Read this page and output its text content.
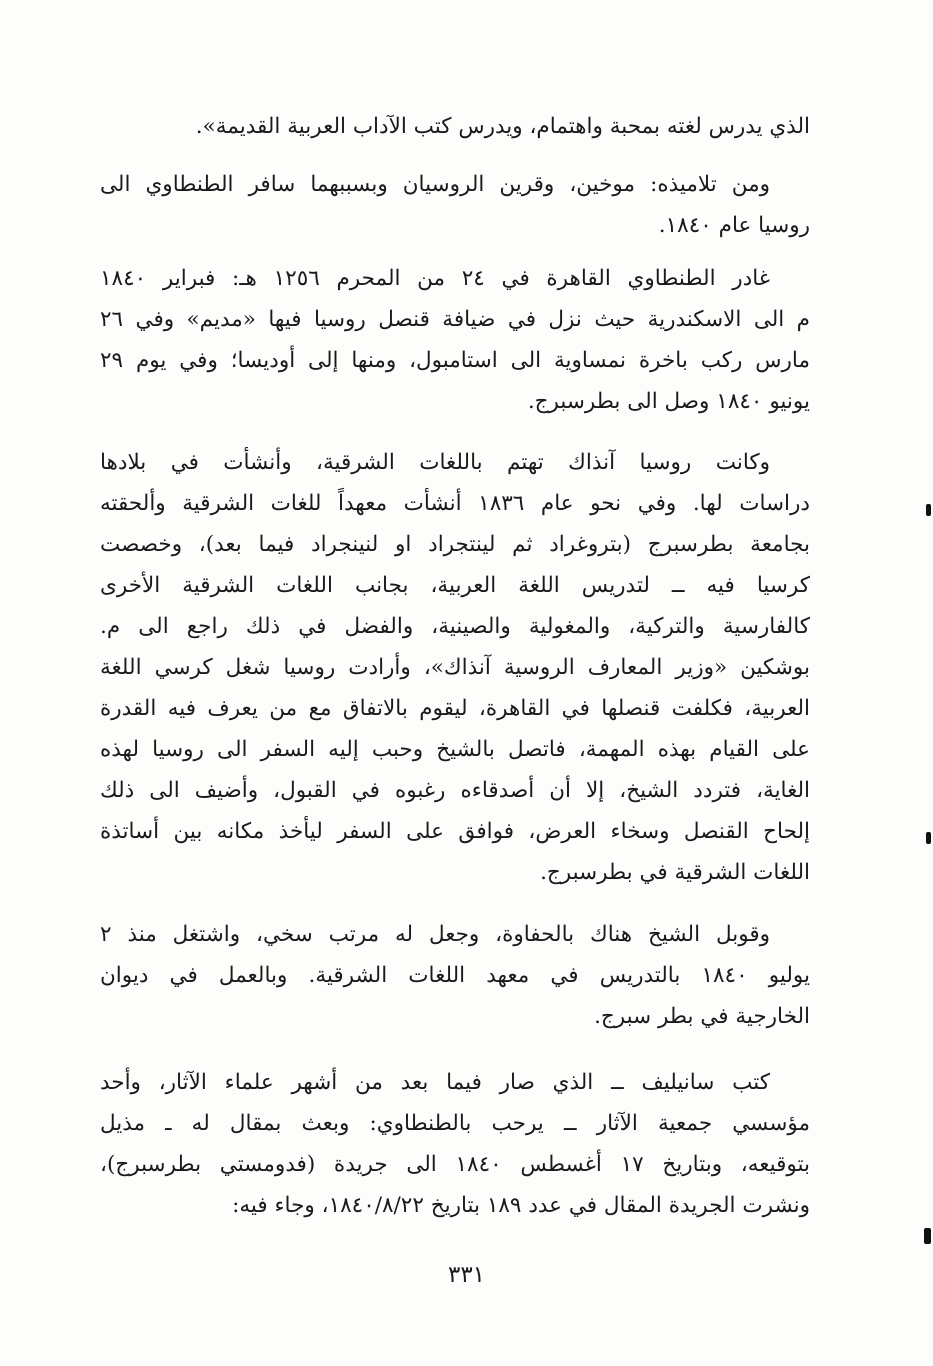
الذي يدرس لغته بمحبة واهتمام، ويدرس كتب الآداب العربية القديمة».
ومن تلاميذه: موخين، وقرين الروسيان وبسببهما سافر الطنطاوي الى
روسيا عام ١٨٤٠.
غادر الطنطاوي القاهرة في ٢٤ من المحرم ١٢٥٦ هـ: فبراير ١٨٤٠
م الى الاسكندرية حيث نزل في ضيافة قنصل روسيا فيها «مديم» وفي ٢٦
مارس ركب باخرة نمساوية الى استامبول، ومنها إلى أوديسا؛ وفي يوم ٢٩
يونيو ١٨٤٠ وصل الى بطرسبرج.
وكانت روسيا آنذاك تهتم باللغات الشرقية، وأنشأت في بلادها
دراسات لها. وفي نحو عام ١٨٣٦ أنشأت معهداً للغات الشرقية وألحقته
بجامعة بطرسبرج (بتروغراد ثم لينتجراد او لنينجراد فيما بعد)، وخصصت
كرسيا فيه ــ لتدريس اللغة العربية، بجانب اللغات الشرقية الأخرى
كالفارسية والتركية، والمغولية والصينية، والفضل في ذلك راجع الى م.
بوشكين «وزير المعارف الروسية آنذاك»، وأرادت روسيا شغل كرسي اللغة
العربية، فكلفت قنصلها في القاهرة، ليقوم بالاتفاق مع من يعرف فيه القدرة
على القيام بهذه المهمة، فاتصل بالشيخ وحبب إليه السفر الى روسيا لهذه
الغاية، فتردد الشيخ، إلا أن أصدقاءه رغبوه في القبول، وأضيف الى ذلك
إلحاح القنصل وسخاء العرض، فوافق على السفر ليأخذ مكانه بين أساتذة
اللغات الشرقية في بطرسبرج.
وقوبل الشيخ هناك بالحفاوة، وجعل له مرتب سخي، واشتغل منذ ٢
يوليو ١٨٤٠ بالتدريس في معهد اللغات الشرقية. وبالعمل في ديوان
الخارجية في بطر سبرج.
كتب سانيليف ــ الذي صار فيما بعد من أشهر علماء الآثار، وأحد
مؤسسي جمعية الآثار ــ يرحب بالطنطاوي: وبعث بمقال له ـ مذيل
بتوقيعه، وبتاريخ ١٧ أغسطس ١٨٤٠ الى جريدة (فدومستي بطرسبرج)،
ونشرت الجريدة المقال في عدد ١٨٩ بتاريخ ١٨٤٠/٨/٢٢، وجاء فيه:
٣٣١
